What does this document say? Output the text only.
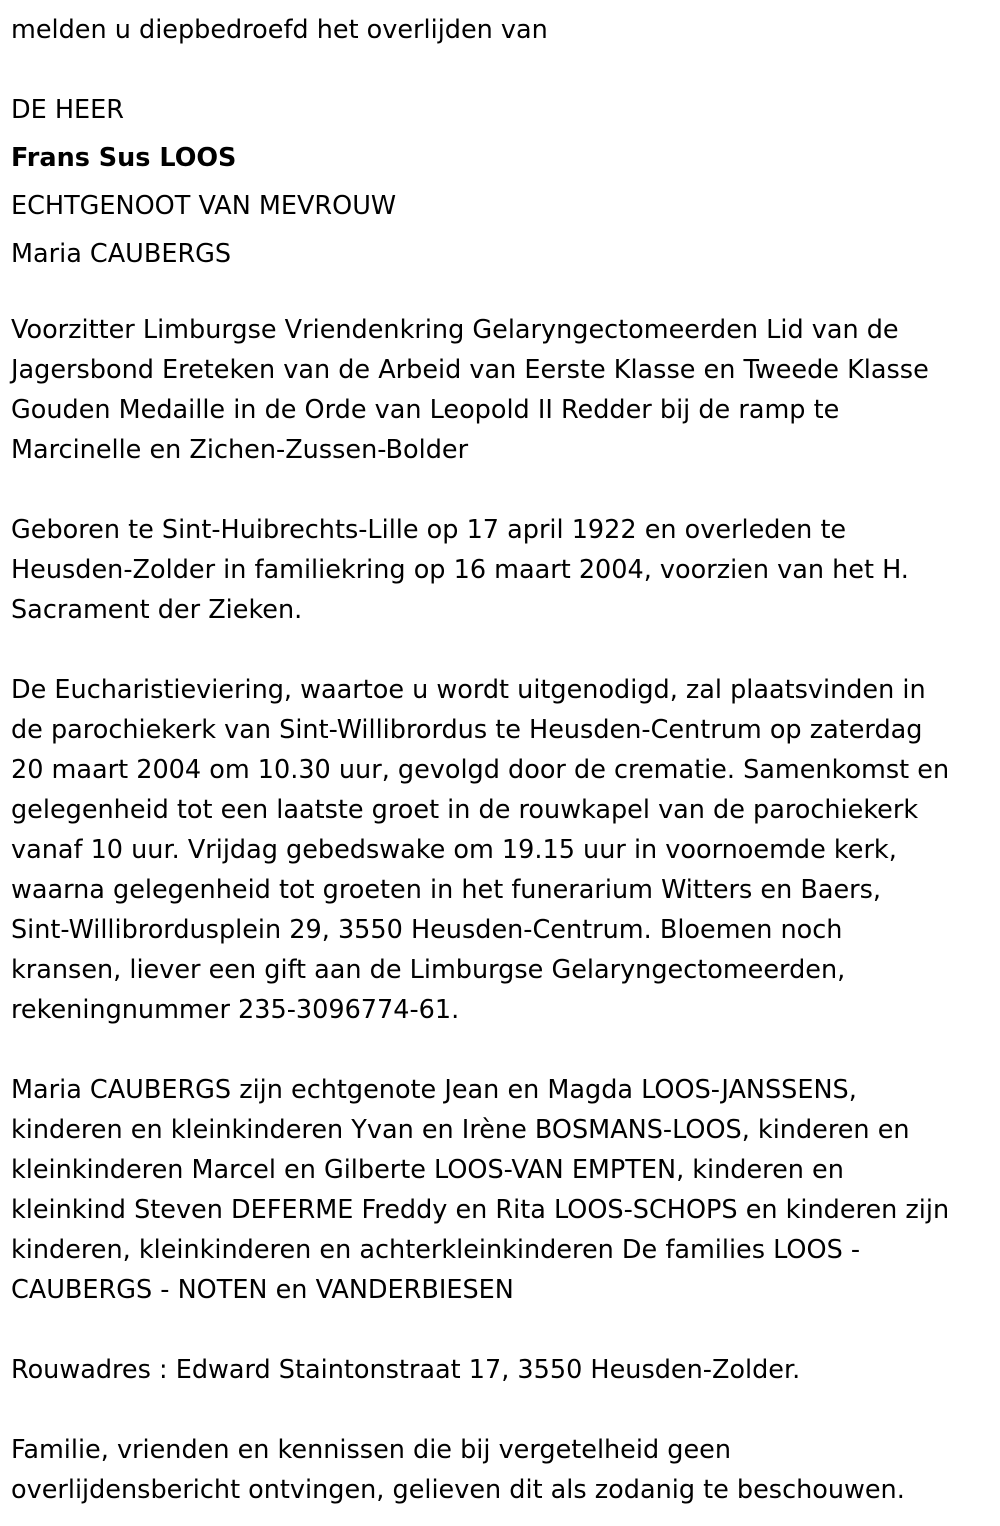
melden u diepbedroefd het overlijden van

DE HEER

Frans Sus LOOS

ECHTGENOOT VAN MEVROUW

Maria CAUBERGS

Voorzitter Limburgse Vriendenkring Gelaryngectomeerden Lid van de
Jagersbond Ereteken van de Arbeid van Eerste Klasse en Tweede Klasse
Gouden Medaille in de Orde van Leopold II Redder bij de ramp te
Marcinelle en Zichen-Zussen-Bolder

Geboren te Sint-Huibrechts-Lille op 17 april 1922 en overleden te
Heusden-Zolder in familiekring op 16 maart 2004, voorzien van het H.
Sacrament der Zieken.

De Eucharistieviering, waartoe u wordt uitgenodigd, zal plaatsvinden in
de parochiekerk van Sint-Willibrordus te Heusden-Centrum op zaterdag
20 maart 2004 om 10.30 uur, gevolgd door de crematie. Samenkomst en
gelegenheid tot een laatste groet in de rouwkapel van de parochiekerk
vanaf 10 uur. Vrijdag gebedswake om 19.15 uur in voornoemde kerk,
waarna gelegenheid tot groeten in het funerarium Witters en Baers,
Sint-Willibrordusplein 29, 3550 Heusden-Centrum. Bloemen noch
kransen, liever een gift aan de Limburgse Gelaryngectomeerden,
rekeningnummer 235-3096774-61.

Maria CAUBERGS zijn echtgenote Jean en Magda LOOS-JANSSENS,
kinderen en kleinkinderen Yvan en Irène BOSMANS-LOOS, kinderen en
kleinkinderen Marcel en Gilberte LOOS-VAN EMPTEN, kinderen en
kleinkind Steven DEFERME Freddy en Rita LOOS-SCHOPS en kinderen zijn
kinderen, kleinkinderen en achterkleinkinderen De families LOOS -
CAUBERGS - NOTEN en VANDERBIESEN

Rouwadres : Edward Staintonstraat 17, 3550 Heusden-Zolder.

Familie, vrienden en kennissen die bij vergetelheid geen
overlijdensbericht ontvingen, gelieven dit als zodanig te beschouwen.
